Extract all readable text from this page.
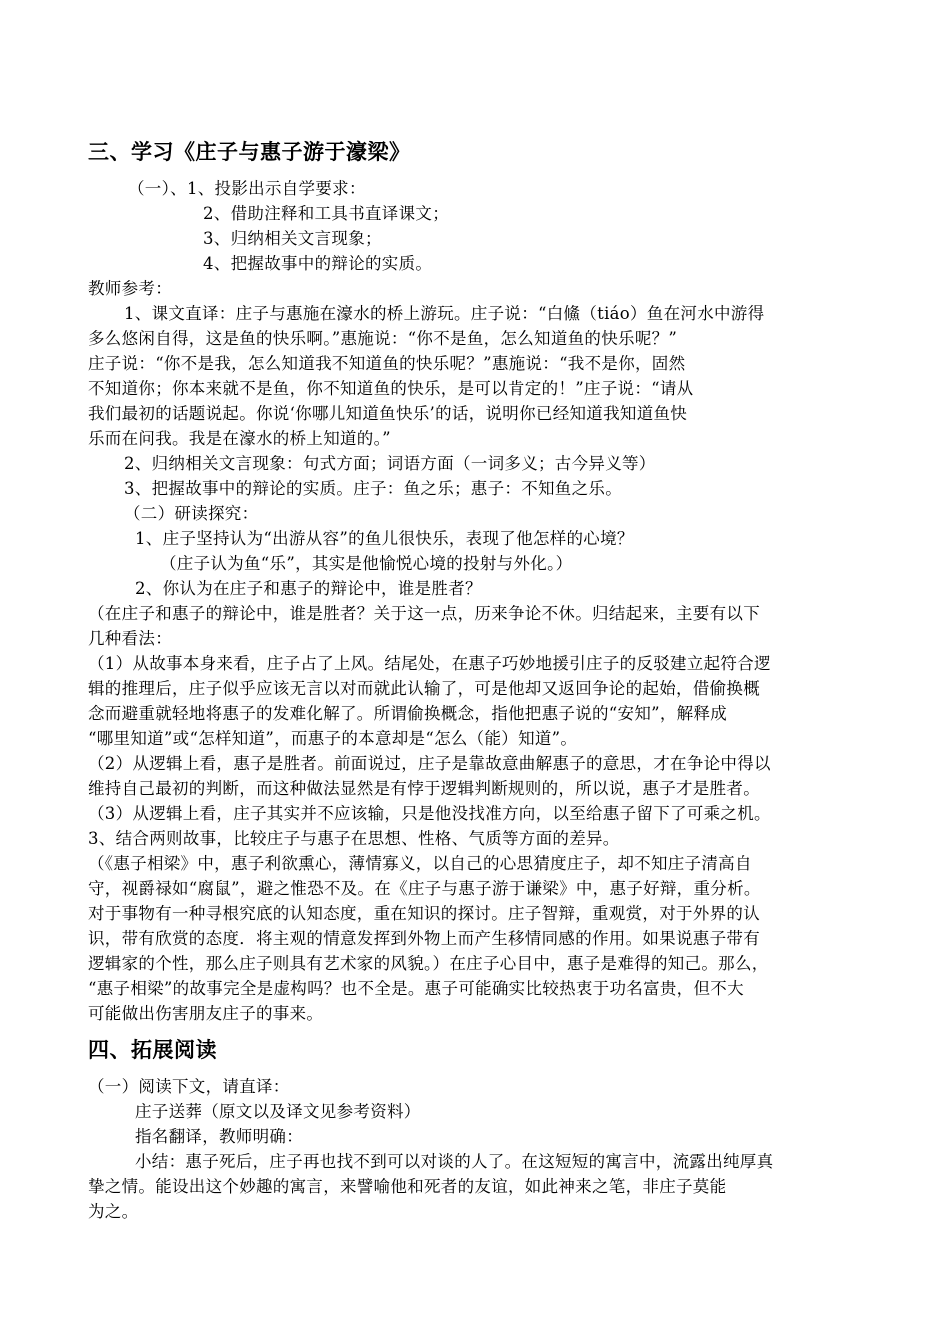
三、学习《庄子与惠子游于濠梁》
（一）、1、投影出示自学要求：
2、借助注释和工具书直译课文；
3、归纳相关文言现象；
4、把握故事中的辩论的实质。
教师参考：
1、课文直译：庄子与惠施在濠水的桥上游玩。庄子说：“白鯈（tiáo）鱼在河水中游得
多么悠闲自得，这是鱼的快乐啊。”惠施说：“你不是鱼，怎么知道鱼的快乐呢？”
庄子说：“你不是我，怎么知道我不知道鱼的快乐呢？”惠施说：“我不是你，固然
不知道你；你本来就不是鱼，你不知道鱼的快乐，是可以肯定的！”庄子说：“请从
我们最初的话题说起。你说‘你哪儿知道鱼快乐’的话，说明你已经知道我知道鱼快
乐而在问我。我是在濠水的桥上知道的。”
2、归纳相关文言现象：句式方面；词语方面（一词多义；古今异义等）
3、把握故事中的辩论的实质。庄子：鱼之乐；惠子：不知鱼之乐。
（二）研读探究：
1、庄子坚持认为“出游从容”的鱼儿很快乐，表现了他怎样的心境？
（庄子认为鱼“乐”，其实是他愉悦心境的投射与外化。）
2、你认为在庄子和惠子的辩论中，谁是胜者？
（在庄子和惠子的辩论中，谁是胜者？关于这一点，历来争论不休。归结起来，主要有以下
几种看法：
（1）从故事本身来看，庄子占了上风。结尾处，在惠子巧妙地援引庄子的反驳建立起符合逻
辑的推理后，庄子似乎应该无言以对而就此认输了，可是他却又返回争论的起始，借偷换概
念而避重就轻地将惠子的发难化解了。所谓偷换概念，指他把惠子说的“安知”，解释成
“哪里知道”或“怎样知道”，而惠子的本意却是“怎么（能）知道”。
（2）从逻辑上看，惠子是胜者。前面说过，庄子是靠故意曲解惠子的意思，才在争论中得以
维持自己最初的判断，而这种做法显然是有悖于逻辑判断规则的，所以说，惠子才是胜者。
（3）从逻辑上看，庄子其实并不应该输，只是他没找准方向，以至给惠子留下了可乘之机。
3、结合两则故事，比较庄子与惠子在思想、性格、气质等方面的差异。
（《惠子相梁》中，惠子利欲熏心，薄情寡义，以自己的心思猜度庄子，却不知庄子清高自
守，视爵禄如“腐鼠”，避之惟恐不及。在《庄子与惠子游于谦梁》中，惠子好辩，重分析。
对于事物有一种寻根究底的认知态度，重在知识的探讨。庄子智辩，重观赏，对于外界的认
识，带有欣赏的态度．将主观的情意发挥到外物上而产生移情同感的作用。如果说惠子带有
逻辑家的个性，那么庄子则具有艺术家的风貌。）在庄子心目中，惠子是难得的知己。那么，
“惠子相梁”的故事完全是虚构吗？也不全是。惠子可能确实比较热衷于功名富贵，但不大
可能做出伤害朋友庄子的事来。
四、拓展阅读
（一）阅读下文，请直译：
庄子送葬（原文以及译文见参考资料）
指名翻译，教师明确：
小结：惠子死后，庄子再也找不到可以对谈的人了。在这短短的寓言中，流露出纯厚真
挚之情。能设出这个妙趣的寓言，来譬喻他和死者的友谊，如此神来之笔，非庄子莫能
为之。
